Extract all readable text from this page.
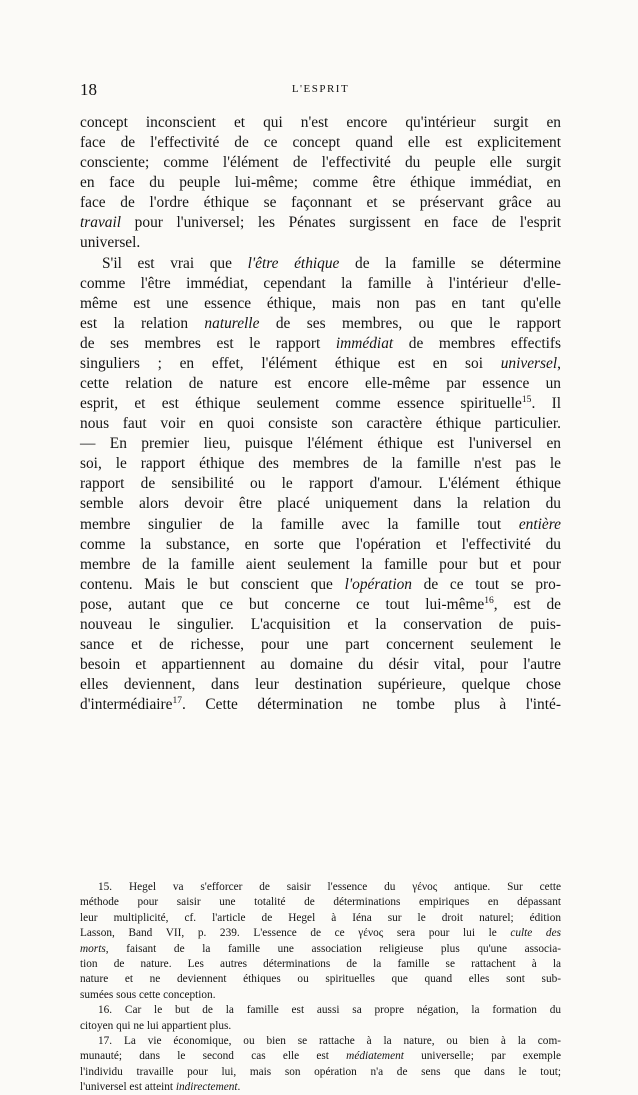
18	L'ESPRIT
concept inconscient et qui n'est encore qu'intérieur surgit en
face de l'effectivité de ce concept quand elle est explicitement
consciente; comme l'élément de l'effectivité du peuple elle surgit
en face du peuple lui-même; comme être éthique immédiat, en
face de l'ordre éthique se façonnant et se préservant grâce au
travail pour l'universel; les Pénates surgissent en face de l'esprit
universel.
S'il est vrai que l'être éthique de la famille se détermine
comme l'être immédiat, cependant la famille à l'intérieur d'elle-
même est une essence éthique, mais non pas en tant qu'elle
est la relation naturelle de ses membres, ou que le rapport
de ses membres est le rapport immédiat de membres effectifs
singuliers ; en effet, l'élément éthique est en soi universel,
cette relation de nature est encore elle-même par essence un
esprit, et est éthique seulement comme essence spirituelle$^{15}$. Il
nous faut voir en quoi consiste son caractère éthique particulier.
— En premier lieu, puisque l'élément éthique est l'universel en
soi, le rapport éthique des membres de la famille n'est pas le
rapport de sensibilité ou le rapport d'amour. L'élément éthique
semble alors devoir être placé uniquement dans la relation du
membre singulier de la famille avec la famille tout entière
comme la substance, en sorte que l'opération et l'effectivité du
membre de la famille aient seulement la famille pour but et pour
contenu. Mais le but conscient que l'opération de ce tout se pro-
pose, autant que ce but concerne ce tout lui-même$^{16}$, est de
nouveau le singulier. L'acquisition et la conservation de puis-
sance et de richesse, pour une part concernent seulement le
besoin et appartiennent au domaine du désir vital, pour l'autre
elles deviennent, dans leur destination supérieure, quelque chose
d'intermédiaire$^{17}$. Cette détermination ne tombe plus à l'inté-
15. Hegel va s'efforcer de saisir l'essence du γένος antique. Sur cette
méthode pour saisir une totalité de déterminations empiriques en dépassant
leur multiplicité, cf. l'article de Hegel à Iéna sur le droit naturel; édition
Lasson, Band VII, p. 239. L'essence de ce γένος sera pour lui le culte des
morts, faisant de la famille une association religieuse plus qu'une associa-
tion de nature. Les autres déterminations de la famille se rattachent à la
nature et ne deviennent éthiques ou spirituelles que quand elles sont sub-
sumées sous cette conception.
16. Car le but de la famille est aussi sa propre négation, la formation du
citoyen qui ne lui appartient plus.
17. La vie économique, ou bien se rattache à la nature, ou bien à la com-
munauté; dans le second cas elle est médiatement universelle; par exemple
l'individu travaille pour lui, mais son opération n'a de sens que dans le tout;
l'universel est atteint indirectement.
